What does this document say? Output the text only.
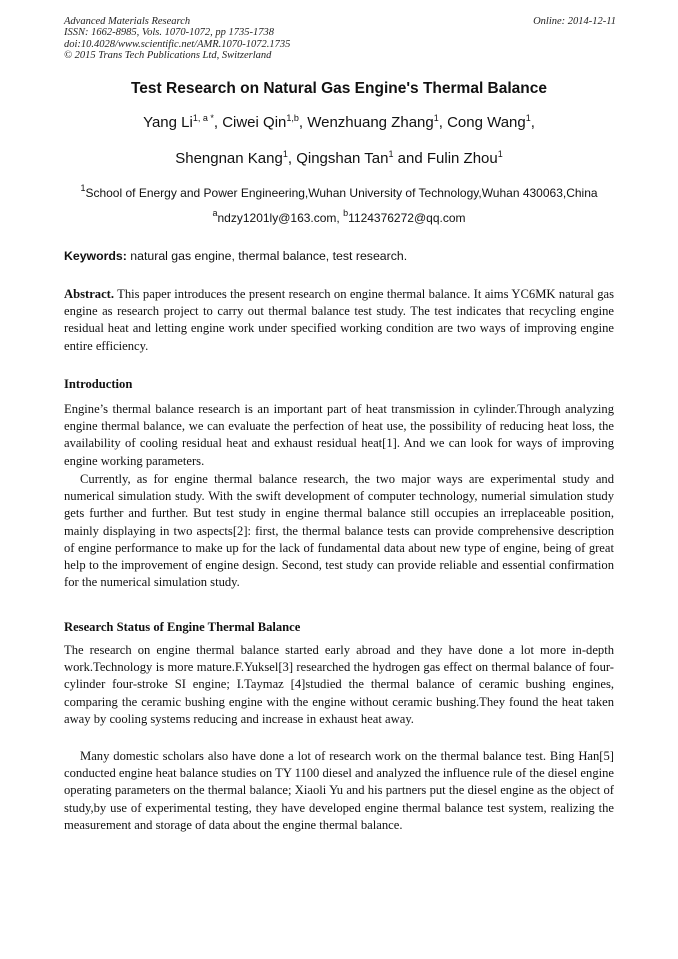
Advanced Materials Research
ISSN: 1662-8985, Vols. 1070-1072, pp 1735-1738
doi:10.4028/www.scientific.net/AMR.1070-1072.1735
© 2015 Trans Tech Publications Ltd, Switzerland
Online: 2014-12-11
Test Research on Natural Gas Engine's Thermal Balance
Yang $Li^{1, a *}$, Ciwei Qin$^{1,b}$, Wenzhuang Zhang$^1$, Cong Wang$^1$,
Shengnan Kang$^1$, Qingshan Tan$^1$ and Fulin Zhou$^1$
$^1$School of Energy and Power Engineering,Wuhan University of Technology,Wuhan 430063,China
$^a$ndzy1201ly@163.com, $^b$1124376272@qq.com
Keywords: natural gas engine, thermal balance, test research.
Abstract. This paper introduces the present research on engine thermal balance. It aims YC6MK natural gas engine as research project to carry out thermal balance test study. The test indicates that recycling engine residual heat and letting engine work under specified working condition are two ways of improving engine entire efficiency.
Introduction
Engine’s thermal balance research is an important part of heat transmission in cylinder.Through analyzing engine thermal balance, we can evaluate the perfection of heat use, the possibility of reducing heat loss, the availability of cooling residual heat and exhaust residual heat[1]. And we can look for ways of improving engine working parameters.
Currently, as for engine thermal balance research, the two major ways are experimental study and numerical simulation study. With the swift development of computer technology, numerial simulation study gets further and further. But test study in engine thermal balance still occupies an irreplaceable position, mainly displaying in two aspects[2]: first, the thermal balance tests can provide comprehensive description of engine performance to make up for the lack of fundamental data about new type of engine, being of great help to the improvement of engine design. Second, test study can provide reliable and essential confirmation for the numerical simulation study.
Research Status of Engine Thermal Balance
The research on engine thermal balance started early abroad and they have done a lot more in-depth work.Technology is more mature.F.Yuksel[3] researched the hydrogen gas effect on thermal balance of four-cylinder four-stroke SI engine; I.Taymaz [4]studied the thermal balance of ceramic bushing engines, comparing the ceramic bushing engine with the engine without ceramic bushing.They found the heat taken away by cooling systems reducing and increase in exhaust heat away.
Many domestic scholars also have done a lot of research work on the thermal balance test. Bing Han[5] conducted engine heat balance studies on TY 1100 diesel and analyzed the influence rule of the diesel engine operating parameters on the thermal balance; Xiaoli Yu and his partners put the diesel engine as the object of study,by use of experimental testing, they have developed engine thermal balance test system, realizing the measurement and storage of data about the engine thermal balance.
